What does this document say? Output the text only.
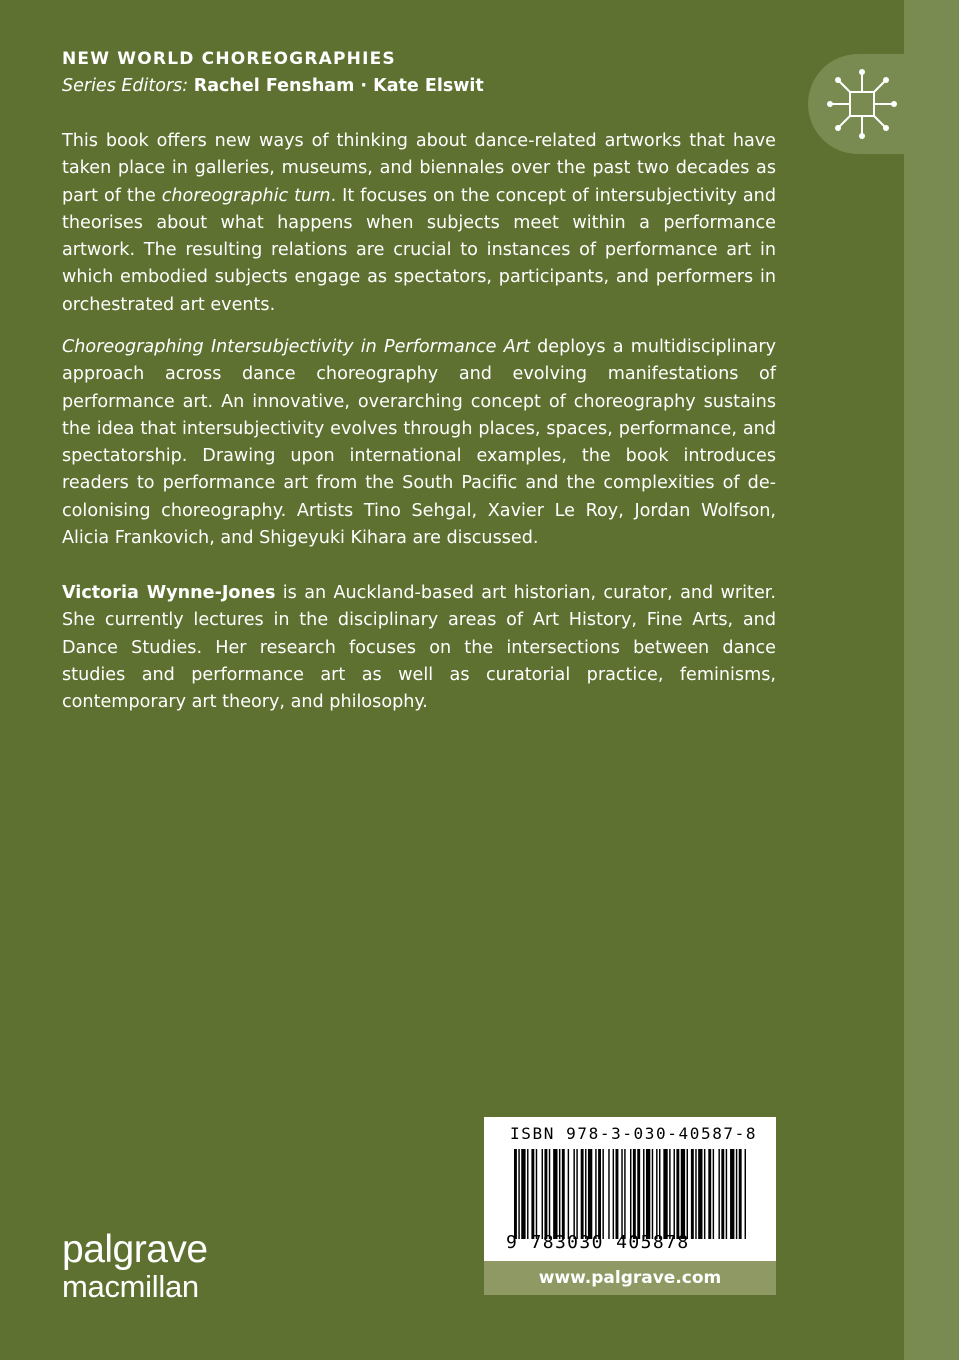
NEW WORLD CHOREOGRAPHIES
Series Editors: Rachel Fensham · Kate Elswit

This book offers new ways of thinking about dance-related artworks that have taken place in galleries, museums, and biennales over the past two decades as part of the choreographic turn. It focuses on the concept of intersubjectivity and theorises about what happens when subjects meet within a performance artwork. The resulting relations are crucial to instances of performance art in which embodied subjects engage as spectators, participants, and performers in orchestrated art events.

Choreographing Intersubjectivity in Performance Art deploys a multidisciplinary approach across dance choreography and evolving manifestations of performance art. An innovative, overarching concept of choreography sustains the idea that intersubjectivity evolves through places, spaces, performance, and spectatorship. Drawing upon international examples, the book introduces readers to performance art from the South Pacific and the complexities of de-colonising choreography. Artists Tino Sehgal, Xavier Le Roy, Jordan Wolfson, Alicia Frankovich, and Shigeyuki Kihara are discussed.

Victoria Wynne-Jones is an Auckland-based art historian, curator, and writer. She currently lectures in the disciplinary areas of Art History, Fine Arts, and Dance Studies. Her research focuses on the intersections between dance studies and performance art as well as curatorial practice, feminisms, contemporary art theory, and philosophy.

palgrave
macmillan
ISBN 978-3-030-40587-8
9 783030 405878
www.palgrave.com
